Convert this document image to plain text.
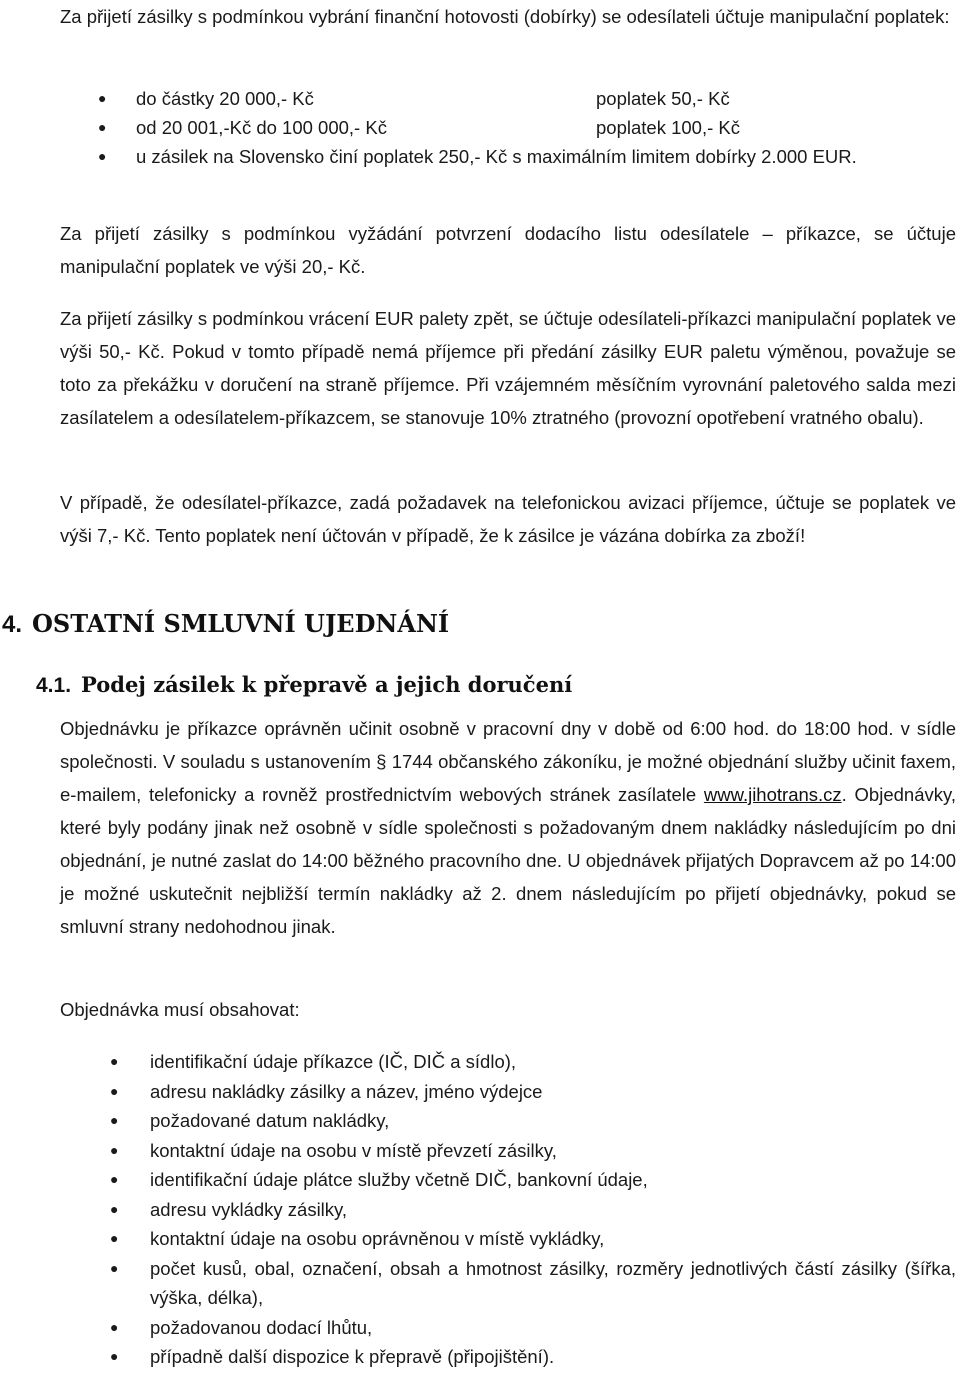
Za přijetí zásilky s podmínkou vybrání finanční hotovosti (dobírky) se odesílateli účtuje manipulační poplatek:

● do částky 20 000,- Kč	poplatek 50,- Kč
● od 20 001,-Kč do 100 000,- Kč	poplatek 100,- Kč
● u zásilek na Slovensko činí poplatek 250,- Kč s maximálním limitem dobírky 2.000 EUR.

Za přijetí zásilky s podmínkou vyžádání potvrzení dodacího listu odesílatele – příkazce, se účtuje manipulační poplatek ve výši 20,- Kč.

Za přijetí zásilky s podmínkou vrácení EUR palety zpět, se účtuje odesílateli-příkazci manipulační poplatek ve výši 50,- Kč. Pokud v tomto případě nemá příjemce při předání zásilky EUR paletu výměnou, považuje se toto za překážku v doručení na straně příjemce. Při vzájemném měsíčním vyrovnání paletového salda mezi zasílatelem a odesílatelem-příkazcem, se stanovuje 10% ztratného (provozní opotřebení vratného obalu).

V případě, že odesílatel-příkazce, zadá požadavek na telefonickou avizaci příjemce, účtuje se poplatek ve výši 7,- Kč. Tento poplatek není účtován v případě, že k zásilce je vázána dobírka za zboží!

4. OSTATNÍ SMLUVNÍ UJEDNÁNÍ
4.1. Podej zásilek k přepravě a jejich doručení

Objednávku je příkazce oprávněn učinit osobně v pracovní dny v době od 6:00 hod. do 18:00 hod. v sídle společnosti. V souladu s ustanovením § 1744 občanského zákoníku, je možné objednání služby učinit faxem, e-mailem, telefonicky a rovněž prostřednictvím webových stránek zasílatele www.jihotrans.cz. Objednávky, které byly podány jinak než osobně v sídle společnosti s požadovaným dnem nakládky následujícím po dni objednání, je nutné zaslat do 14:00 běžného pracovního dne. U objednávek přijatých Dopravcem až po 14:00 je možné uskutečnit nejbližší termín nakládky až 2. dnem následujícím po přijetí objednávky, pokud se smluvní strany nedohodnou jinak.

Objednávka musí obsahovat:

● identifikační údaje příkazce (IČ, DIČ a sídlo),
● adresu nakládky zásilky a název, jméno výdejce
● požadované datum nakládky,
● kontaktní údaje na osobu v místě převzetí zásilky,
● identifikační údaje plátce služby včetně DIČ, bankovní údaje,
● adresu vykládky zásilky,
● kontaktní údaje na osobu oprávněnou v místě vykládky,
● počet kusů, obal, označení, obsah a hmotnost zásilky, rozměry jednotlivých částí zásilky (šířka, výška, délka),
● požadovanou dodací lhůtu,
● případně další dispozice k přepravě (připojištění).
